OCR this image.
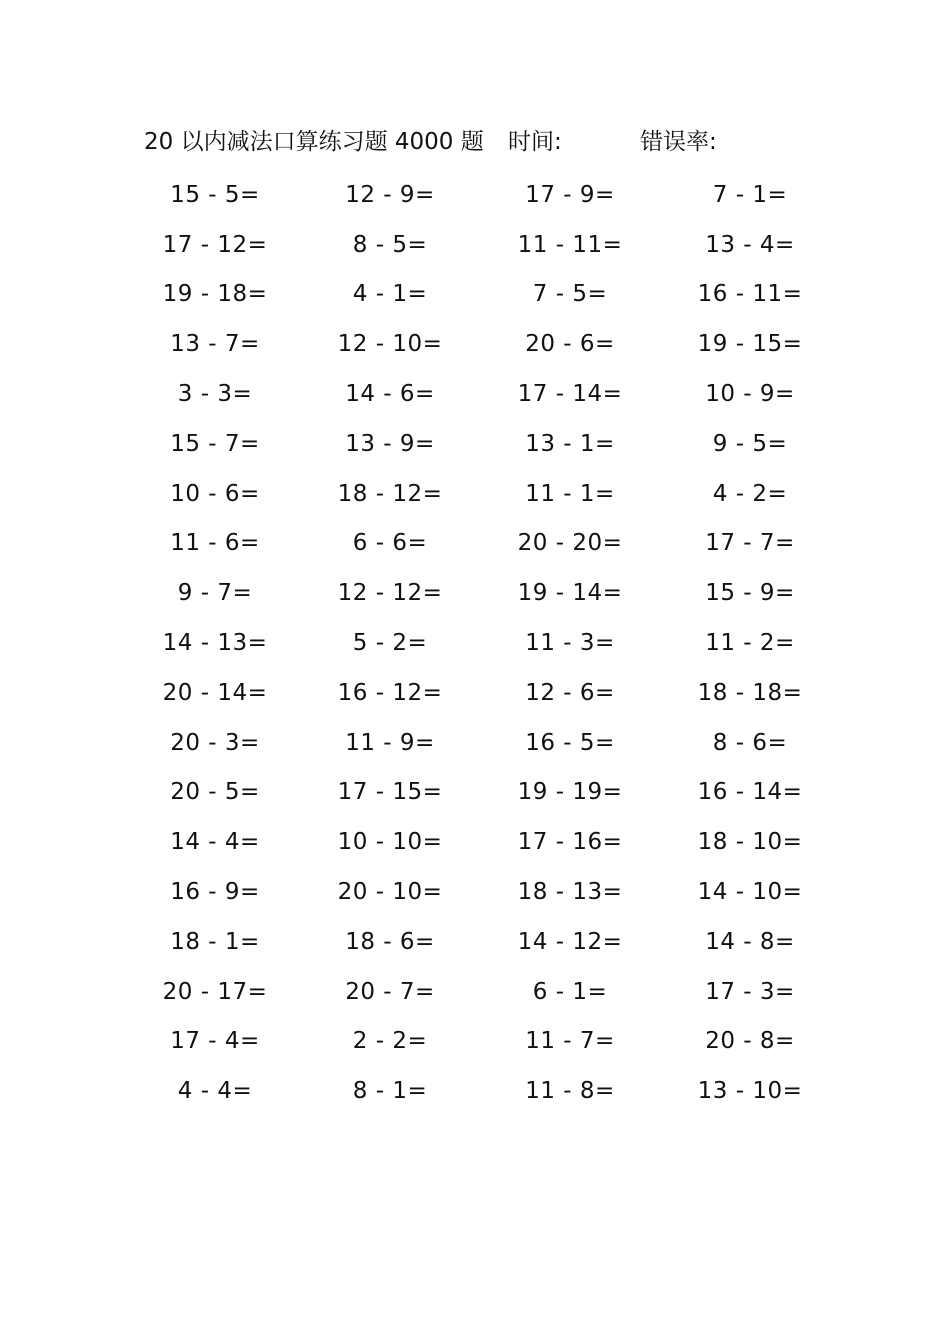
20 以内减法口算练习题 4000 题 时间:	错误率:
15 - 5=	12 - 9=	17 - 9=	7 - 1=
17 - 12=	8 - 5=	11 - 11=	13 - 4=
19 - 18=	4 - 1=	7 - 5=	16 - 11=
13 - 7=	12 - 10=	20 - 6=	19 - 15=
3 - 3=	14 - 6=	17 - 14=	10 - 9=
15 - 7=	13 - 9=	13 - 1=	9 - 5=
10 - 6=	18 - 12=	11 - 1=	4 - 2=
11 - 6=	6 - 6=	20 - 20=	17 - 7=
9 - 7=	12 - 12=	19 - 14=	15 - 9=
14 - 13=	5 - 2=	11 - 3=	11 - 2=
20 - 14=	16 - 12=	12 - 6=	18 - 18=
20 - 3=	11 - 9=	16 - 5=	8 - 6=
20 - 5=	17 - 15=	19 - 19=	16 - 14=
14 - 4=	10 - 10=	17 - 16=	18 - 10=
16 - 9=	20 - 10=	18 - 13=	14 - 10=
18 - 1=	18 - 6=	14 - 12=	14 - 8=
20 - 17=	20 - 7=	6 - 1=	17 - 3=
17 - 4=	2 - 2=	11 - 7=	20 - 8=
4 - 4=	8 - 1=	11 - 8=	13 - 10=
